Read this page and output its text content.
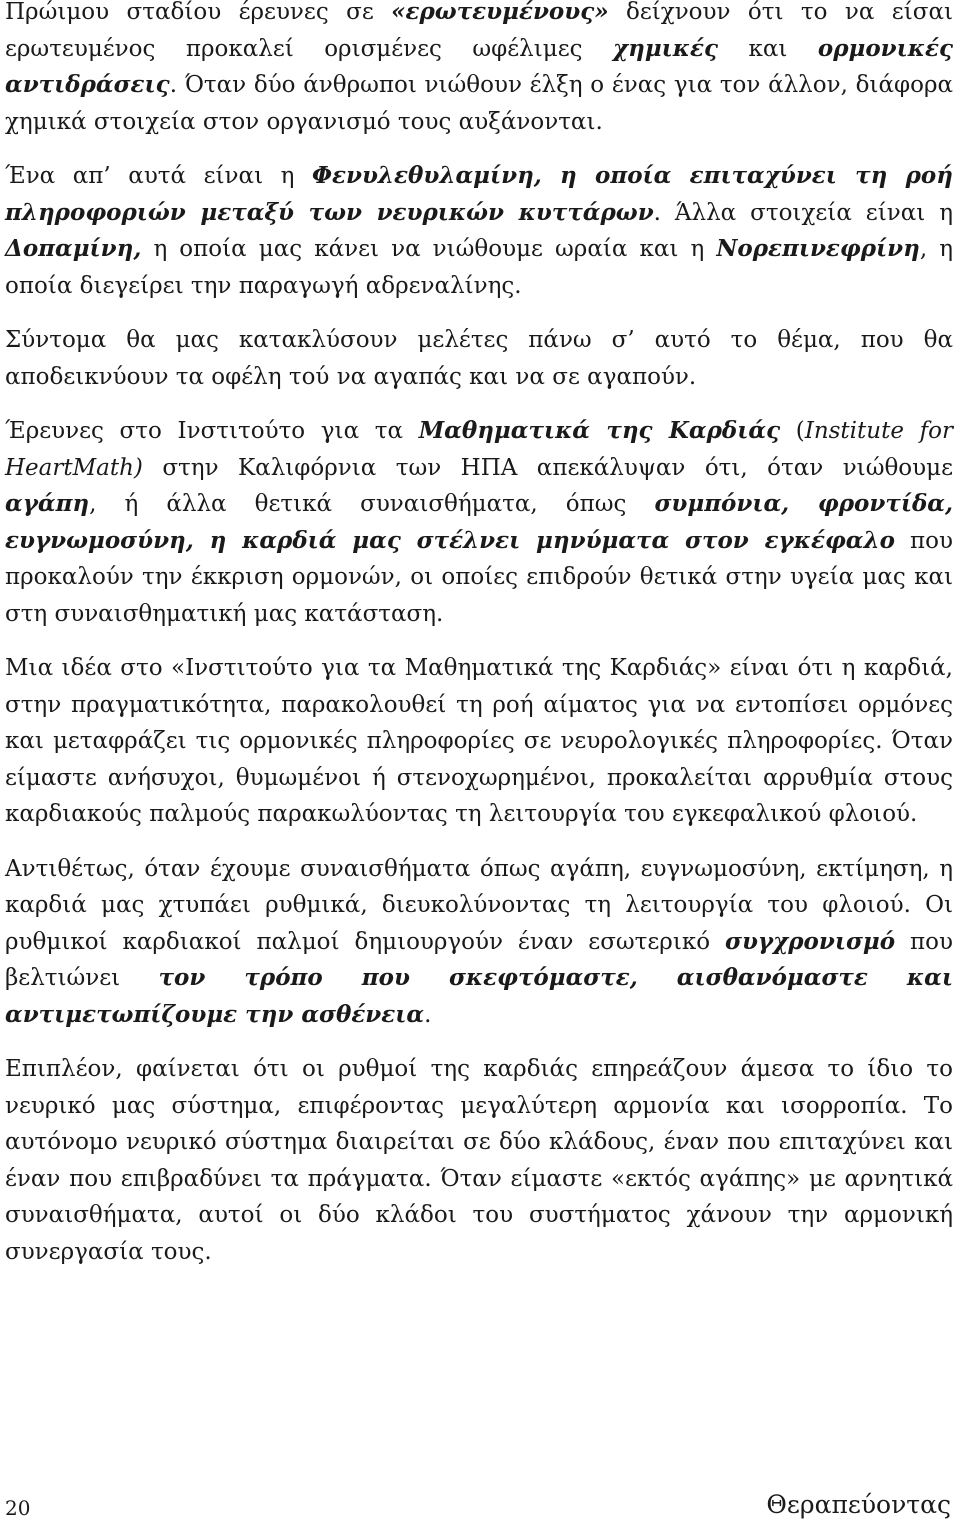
Πρώιμου σταδίου έρευνες σε «ερωτευμένους» δείχνουν ότι το να είσαι ερωτευμένος προκαλεί ορισμένες ωφέλιμες χημικές και ορμονικές αντιδράσεις. Όταν δύο άνθρωποι νιώθουν έλξη ο ένας για τον άλλον, διάφορα χημικά στοιχεία στον οργανισμό τους αυξάνονται.

Ένα απ’ αυτά είναι η Φενυλεθυλαμίνη, η οποία επιταχύνει τη ροή πληροφοριών μεταξύ των νευρικών κυττάρων. Άλλα στοιχεία είναι η Δοπαμίνη, η οποία μας κάνει να νιώθουμε ωραία και η Νορεπινεφρίνη, η οποία διεγείρει την παραγωγή αδρεναλίνης.

Σύντομα θα μας κατακλύσουν μελέτες πάνω σ’ αυτό το θέμα, που θα αποδεικνύουν τα οφέλη τού να αγαπάς και να σε αγαπούν.

Έρευνες στο Ινστιτούτο για τα Μαθηματικά της Καρδιάς (Institute for HeartMath) στην Καλιφόρνια των ΗΠΑ απεκάλυψαν ότι, όταν νιώθουμε αγάπη, ή άλλα θετικά συναισθήματα, όπως συμπόνια, φροντίδα, ευγνωμοσύνη, η καρδιά μας στέλνει μηνύματα στον εγκέφαλο που προκαλούν την έκκριση ορμονών, οι οποίες επιδρούν θετικά στην υγεία μας και στη συναισθηματική μας κατάσταση.

Μια ιδέα στο «Ινστιτούτο για τα Μαθηματικά της Καρδιάς» είναι ότι η καρδιά, στην πραγματικότητα, παρακολουθεί τη ροή αίματος για να εντοπίσει ορμόνες και μεταφράζει τις ορμονικές πληροφορίες σε νευρολογικές πληροφορίες. Όταν είμαστε ανήσυχοι, θυμωμένοι ή στενοχωρημένοι, προκαλείται αρρυθμία στους καρδιακούς παλμούς παρακωλύοντας τη λειτουργία του εγκεφαλικού φλοιού.

Αντιθέτως, όταν έχουμε συναισθήματα όπως αγάπη, ευγνωμοσύνη, εκτίμηση, η καρδιά μας χτυπάει ρυθμικά, διευκολύνοντας τη λειτουργία του φλοιού. Οι ρυθμικοί καρδιακοί παλμοί δημιουργούν έναν εσωτερικό συγχρονισμό που βελτιώνει τον τρόπο που σκεφτόμαστε, αισθανόμαστε και αντιμετωπίζουμε την ασθένεια.

Επιπλέον, φαίνεται ότι οι ρυθμοί της καρδιάς επηρεάζουν άμεσα το ίδιο το νευρικό μας σύστημα, επιφέροντας μεγαλύτερη αρμονία και ισορροπία. Το αυτόνομο νευρικό σύστημα διαιρείται σε δύο κλάδους, έναν που επιταχύνει και έναν που επιβραδύνει τα πράγματα. Όταν είμαστε «εκτός αγάπης» με αρνητικά συναισθήματα, αυτοί οι δύο κλάδοι του συστήματος χάνουν την αρμονική συνεργασία τους.

20	Θεραπεύοντας
